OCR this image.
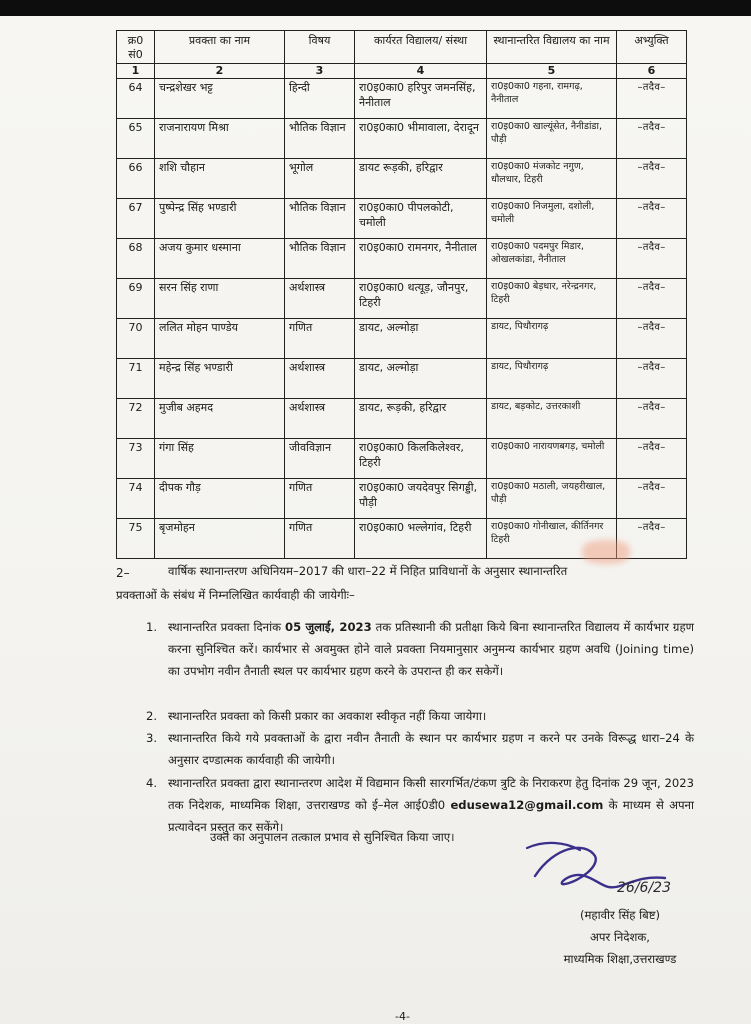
क्र0 सं0	प्रवक्ता का नाम	विषय	कार्यरत विद्यालय/ संस्था	स्थानान्तरित विद्यालय का नाम	अभ्युक्ति
1	2	3	4	5	6
64	चन्द्रशेखर भट्ट	हिन्दी	रा0इ0का0 हरिपुर जमनसिंह, नैनीताल	रा0इ0का0 गहना, रामगढ़, नैनीताल	–तदैव–
65	राजनारायण मिश्रा	भौतिक विज्ञान	रा0इ0का0 भीमावाला, देरादून	रा0इ0का0 खाल्यूंसेत, नैनीडांडा, पौड़ी	–तदैव–
66	शशि चौहान	भूगोल	डायट रूड़की, हरिद्वार	रा0इ0का0 मंजकोट नगुण, धौलधार, टिहरी	–तदैव–
67	पुष्पेन्द्र सिंह भण्डारी	भौतिक विज्ञान	रा0इ0का0 पीपलकोटी, चमोली	रा0इ0का0 निजमुला, दशोली, चमोली	–तदैव–
68	अजय कुमार धस्माना	भौतिक विज्ञान	रा0इ0का0 रामनगर, नैनीताल	रा0इ0का0 पदमपुर मिडार, ओखलकांडा, नैनीताल	–तदैव–
69	सरन सिंह राणा	अर्थशास्त्र	रा0इ0का0 थत्यूड़, जौनपुर, टिहरी	रा0इ0का0 बेड़धार, नरेन्द्रनगर, टिहरी	–तदैव–
70	ललित मोहन पाण्डेय	गणित	डायट, अल्मोड़ा	डायट, पिथौरागढ़	–तदैव–
71	महेन्द्र सिंह भण्डारी	अर्थशास्त्र	डायट, अल्मोड़ा	डायट, पिथौरागढ़	–तदैव–
72	मुजीब अहमद	अर्थशास्त्र	डायट, रूड़की, हरिद्वार	डायट, बड़कोट, उत्तरकाशी	–तदैव–
73	गंगा सिंह	जीवविज्ञान	रा0इ0का0 किलकिलेश्वर, टिहरी	रा0इ0का0 नारायणबगड़, चमोली	–तदैव–
74	दीपक गौड़	गणित	रा0इ0का0 जयदेवपुर सिगड्डी, पौड़ी	रा0इ0का0 मठाली, जयहरीखाल, पौड़ी	–तदैव–
75	बृजमोहन	गणित	रा0इ0का0 भल्लेगांव, टिहरी	रा0इ0का0 गोनीखाल, कीर्तिनगर टिहरी	–तदैव–
2–	वार्षिक स्थानान्तरण अधिनियम–2017 की धारा–22 में निहित प्राविधानों के अनुसार स्थानान्तरित
प्रवक्ताओं के संबंध में निम्नलिखित कार्यवाही की जायेगीः–
1. स्थानान्तरित प्रवक्ता दिनांक 05 जुलाई, 2023 तक प्रतिस्थानी की प्रतीक्षा किये बिना स्थानान्तरित विद्यालय में कार्यभार ग्रहण करना सुनिश्चित करें। कार्यभार से अवमुक्त होने वाले प्रवक्ता नियमानुसार अनुमन्य कार्यभार ग्रहण अवधि (Joining time) का उपभोग नवीन तैनाती स्थल पर कार्यभार ग्रहण करने के उपरान्त ही कर सकेगें।
2. स्थानान्तरित प्रवक्ता को किसी प्रकार का अवकाश स्वीकृत नहीं किया जायेगा।
3. स्थानान्तरित किये गये प्रवक्ताओं के द्वारा नवीन तैनाती के स्थान पर कार्यभार ग्रहण न करने पर उनके विरूद्ध धारा–24 के अनुसार दण्डात्मक कार्यवाही की जायेगी।
4. स्थानान्तरित प्रवक्ता द्वारा स्थानान्तरण आदेश में विद्यमान किसी सारगर्भित/टंकण त्रुटि के निराकरण हेतु दिनांक 29 जून, 2023 तक निदेशक, माध्यमिक शिक्षा, उत्तराखण्ड को ई–मेल आई0डी0 edusewa12@gmail.com के माध्यम से अपना प्रत्यावेदन प्रस्तुत कर सकेंगे।
उक्त का अनुपालन तत्काल प्रभाव से सुनिश्चित किया जाए।
26/6/23
(महावीर सिंह बिष्ट)
अपर निदेशक,
माध्यमिक शिक्षा,उत्तराखण्ड
-4-
